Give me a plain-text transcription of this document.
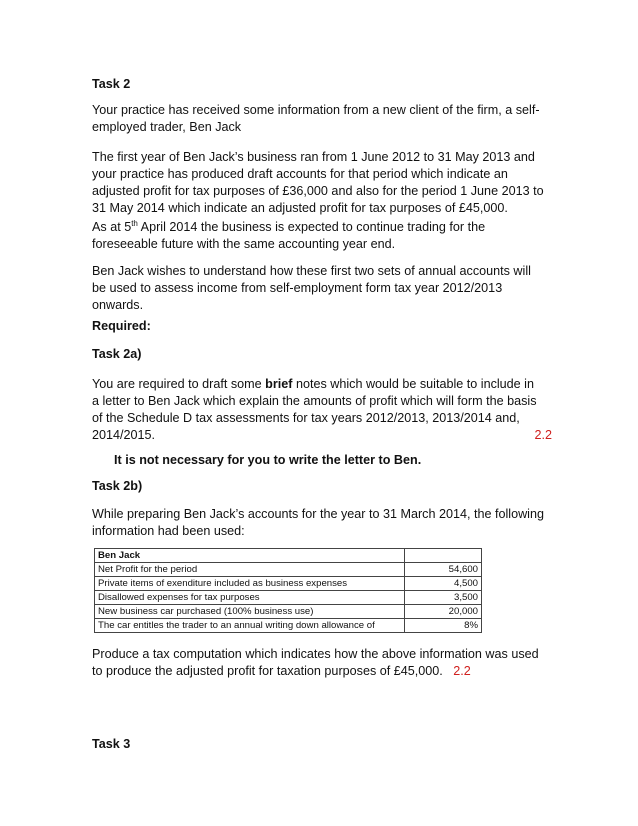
Task 2
Your practice has received some information from a new client of the firm, a self-
employed trader, Ben Jack
The first year of Ben Jack’s business ran from 1 June 2012 to 31 May 2013 and
your practice has produced draft accounts for that period which indicate an
adjusted profit for tax purposes of £36,000 and also for the period 1 June 2013 to
31 May 2014 which indicate an adjusted profit for tax purposes of £45,000.
As at 5th April 2014 the business is expected to continue trading for the
foreseeable future with the same accounting year end.
Ben Jack wishes to understand how these first two sets of annual accounts will
be used to assess income from self-employment form tax year 2012/2013
onwards.
Required:
Task 2a)
You are required to draft some brief notes which would be suitable to include in
a letter to Ben Jack which explain the amounts of profit which will form the basis
of the Schedule D tax assessments for tax years 2012/2013, 2013/2014 and,
2014/2015.	2.2
It is not necessary for you to write the letter to Ben.
Task 2b)
While preparing Ben Jack’s accounts for the year to 31 March 2014, the following
information had been used:
Ben Jack	
Net Profit for the period	54,600
Private items of exenditure included as business expenses	4,500
Disallowed expenses for tax purposes	3,500
New business car purchased (100% business use)	20,000
The car entitles the trader to an annual writing down allowance of	8%
Produce a tax computation which indicates how the above information was used
to produce the adjusted profit for taxation purposes of £45,000. 2.2
Task 3
